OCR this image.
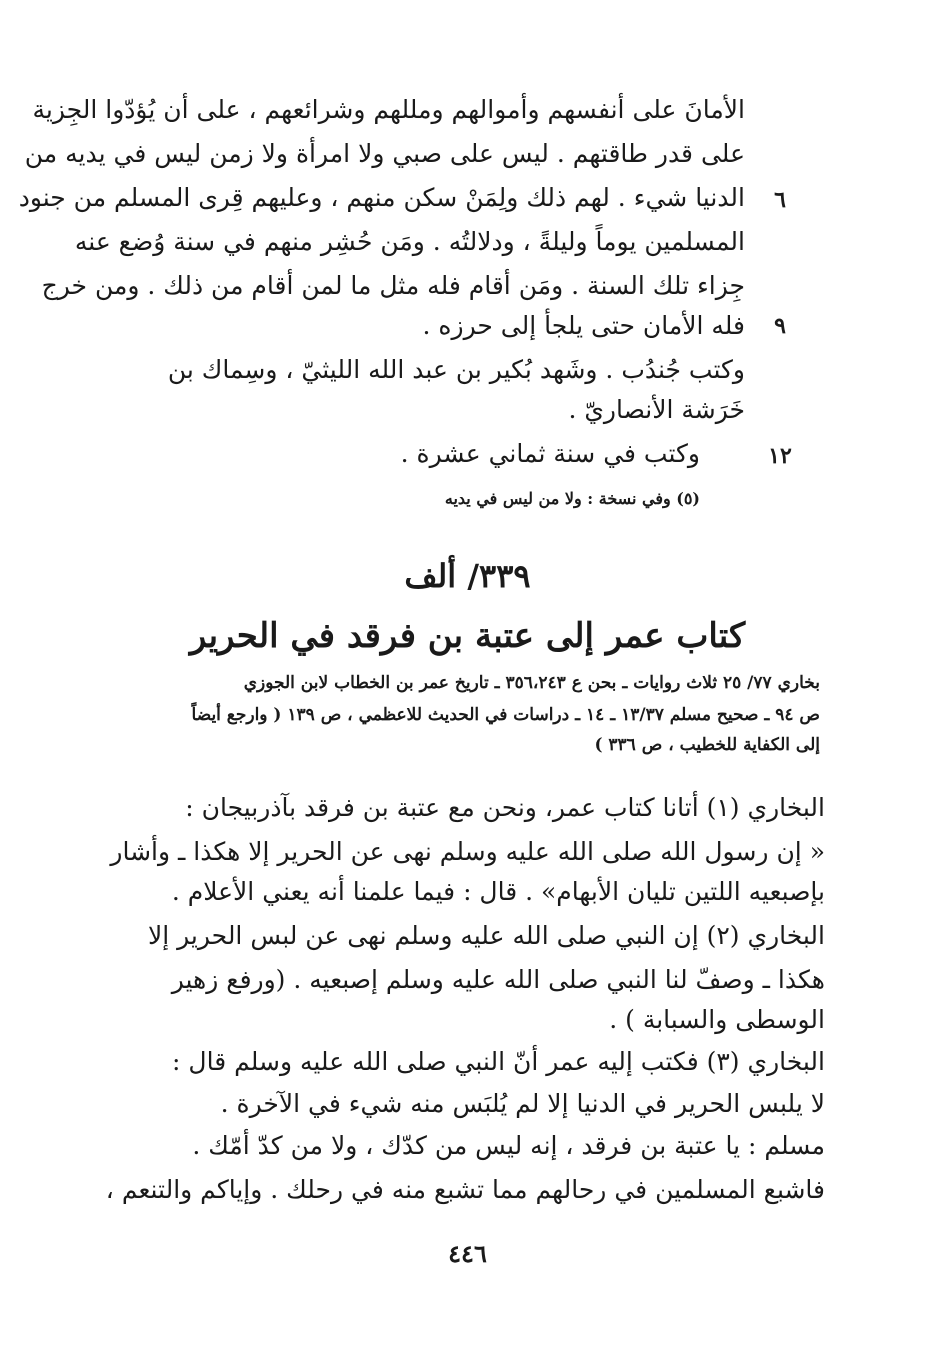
الأمانَ على أنفسهم وأموالهم ومللهم وشرائعهم ، على أن يُؤدّوا الجِزية

على قدر طاقتهم . ليس على صبي ولا امرأة ولا زمن ليس في يديه من

الدنيا شيء . لهم ذلك ولِمَنْ سكن منهم ، وعليهم قِرى المسلم من جنود

المسلمين يوماً وليلةً ، ودلالتُه . ومَن حُشِر منهم في سنة وُضع عنه

جِزاء تلك السنة . ومَن أقام فله مثل ما لمن أقام من ذلك . ومن خرج

فله الأمان حتى يلجأ إلى حرزه .

وكتب جُندُب . وشَهد بُكير بن عبد الله الليثيّ ، وسِماك بن

خَرَشة الأنصاريّ .

وكتب في سنة ثماني عشرة .

٦
٩
١٢

(٥) وفي نسخة : ولا من ليس في يديه

٣٣٩/ ألف
كتاب عمر إلى عتبة بن فرقد في الحرير

بخاري ٧٧/ ٢٥ ثلاث روايات ـ بحن ع ٣٥٦،٢٤٣ ـ تاريخ عمر بن الخطاب لابن الجوزي

ص ٩٤ ـ صحيح مسلم ١٣/٣٧ ـ ١٤ ـ دراسات في الحديث للاعظمي ، ص ١٣٩ ( وارجع أيضاً

إلى الكفاية للخطيب ، ص ٣٣٦ )

البخاري (١) أتانا كتاب عمر، ونحن مع عتبة بن فرقد بآذربيجان :

« إن رسول الله صلى الله عليه وسلم نهى عن الحرير إلا هكذا ـ وأشار

بإصبعيه اللتين تليان الأبهام» . قال : فيما علمنا أنه يعني الأعلام .

البخاري (٢) إن النبي صلى الله عليه وسلم نهى عن لبس الحرير إلا

هكذا ـ وصفّ لنا النبي صلى الله عليه وسلم إصبعيه . (ورفع زهير

الوسطى والسبابة ) .

البخاري (٣) فكتب إليه عمر أنّ النبي صلى الله عليه وسلم قال :

لا يلبس الحرير في الدنيا إلا لم يُلبَس منه شيء في الآخرة .

مسلم : يا عتبة بن فرقد ، إنه ليس من كدّك ، ولا من كدّ أمّك .

فاشبع المسلمين في رحالهم مما تشبع منه في رحلك . وإياكم والتنعم ،

٤٤٦
